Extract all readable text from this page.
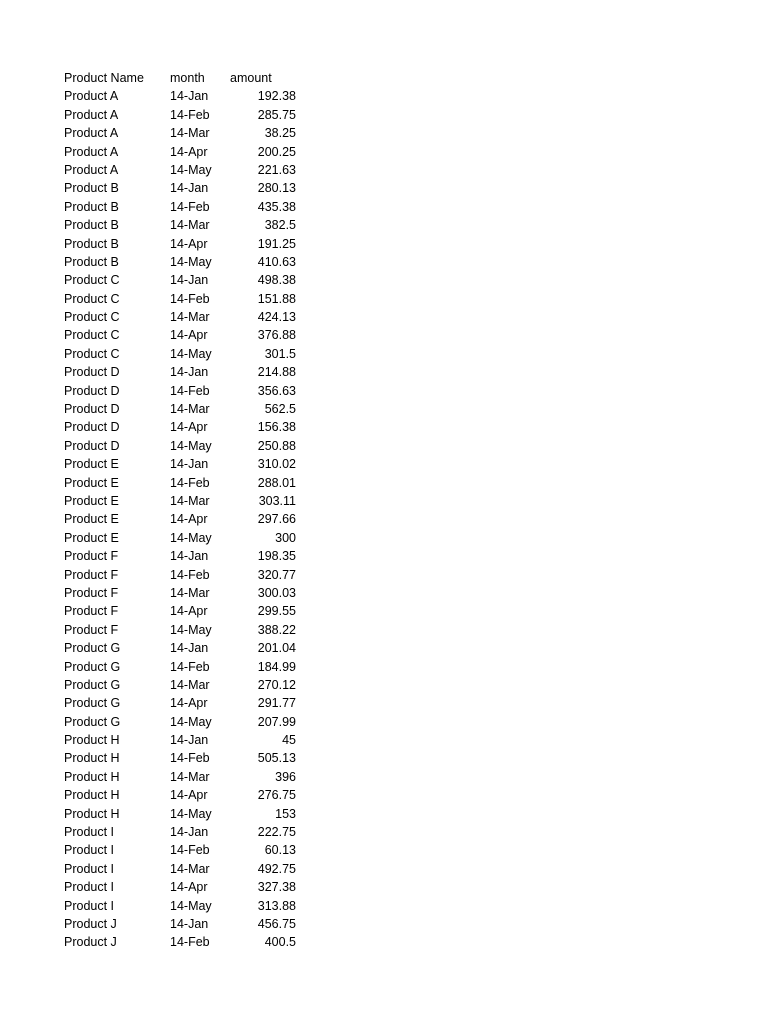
Product Name	month	amount
Product A	14-Jan	192.38
Product A	14-Feb	285.75
Product A	14-Mar	38.25
Product A	14-Apr	200.25
Product A	14-May	221.63
Product B	14-Jan	280.13
Product B	14-Feb	435.38
Product B	14-Mar	382.5
Product B	14-Apr	191.25
Product B	14-May	410.63
Product C	14-Jan	498.38
Product C	14-Feb	151.88
Product C	14-Mar	424.13
Product C	14-Apr	376.88
Product C	14-May	301.5
Product D	14-Jan	214.88
Product D	14-Feb	356.63
Product D	14-Mar	562.5
Product D	14-Apr	156.38
Product D	14-May	250.88
Product E	14-Jan	310.02
Product E	14-Feb	288.01
Product E	14-Mar	303.11
Product E	14-Apr	297.66
Product E	14-May	300
Product F	14-Jan	198.35
Product F	14-Feb	320.77
Product F	14-Mar	300.03
Product F	14-Apr	299.55
Product F	14-May	388.22
Product G	14-Jan	201.04
Product G	14-Feb	184.99
Product G	14-Mar	270.12
Product G	14-Apr	291.77
Product G	14-May	207.99
Product H	14-Jan	45
Product H	14-Feb	505.13
Product H	14-Mar	396
Product H	14-Apr	276.75
Product H	14-May	153
Product I	14-Jan	222.75
Product I	14-Feb	60.13
Product I	14-Mar	492.75
Product I	14-Apr	327.38
Product I	14-May	313.88
Product J	14-Jan	456.75
Product J	14-Feb	400.5
